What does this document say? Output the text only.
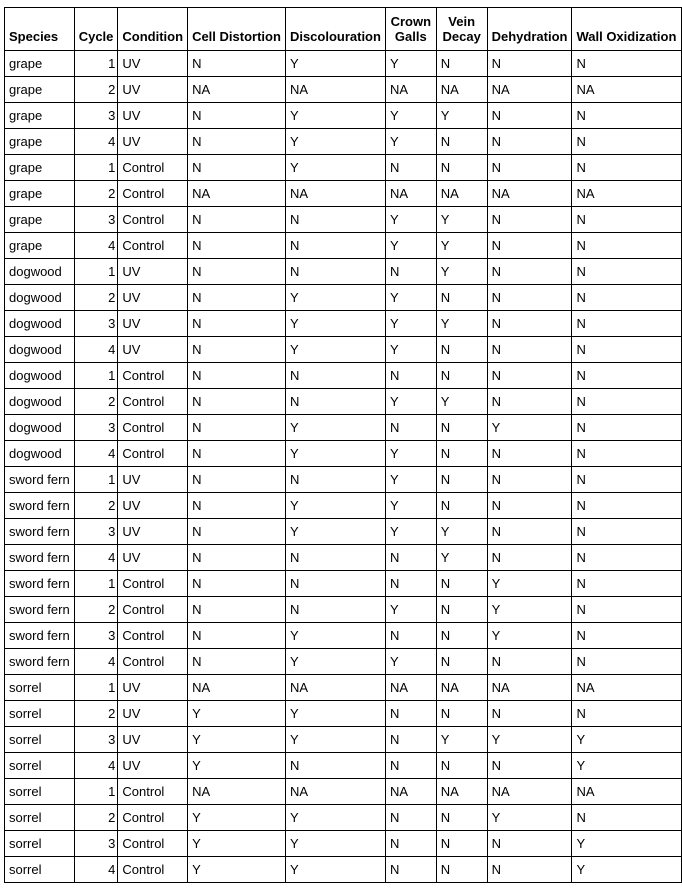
Species	Cycle	Condition	Cell Distortion	Discolouration	Crown Galls	Vein Decay	Dehydration	Wall Oxidization
grape	1	UV	N	Y	Y	N	N	N
grape	2	UV	NA	NA	NA	NA	NA	NA
grape	3	UV	N	Y	Y	Y	N	N
grape	4	UV	N	Y	Y	N	N	N
grape	1	Control	N	Y	N	N	N	N
grape	2	Control	NA	NA	NA	NA	NA	NA
grape	3	Control	N	N	Y	Y	N	N
grape	4	Control	N	N	Y	Y	N	N
dogwood	1	UV	N	N	N	Y	N	N
dogwood	2	UV	N	Y	Y	N	N	N
dogwood	3	UV	N	Y	Y	Y	N	N
dogwood	4	UV	N	Y	Y	N	N	N
dogwood	1	Control	N	N	N	N	N	N
dogwood	2	Control	N	N	Y	Y	N	N
dogwood	3	Control	N	Y	N	N	Y	N
dogwood	4	Control	N	Y	Y	N	N	N
sword fern	1	UV	N	N	Y	N	N	N
sword fern	2	UV	N	Y	Y	N	N	N
sword fern	3	UV	N	Y	Y	Y	N	N
sword fern	4	UV	N	N	N	Y	N	N
sword fern	1	Control	N	N	N	N	Y	N
sword fern	2	Control	N	N	Y	N	Y	N
sword fern	3	Control	N	Y	N	N	Y	N
sword fern	4	Control	N	Y	Y	N	N	N
sorrel	1	UV	NA	NA	NA	NA	NA	NA
sorrel	2	UV	Y	Y	N	N	N	N
sorrel	3	UV	Y	Y	N	Y	Y	Y
sorrel	4	UV	Y	N	N	N	N	Y
sorrel	1	Control	NA	NA	NA	NA	NA	NA
sorrel	2	Control	Y	Y	N	N	Y	N
sorrel	3	Control	Y	Y	N	N	N	Y
sorrel	4	Control	Y	Y	N	N	N	Y
